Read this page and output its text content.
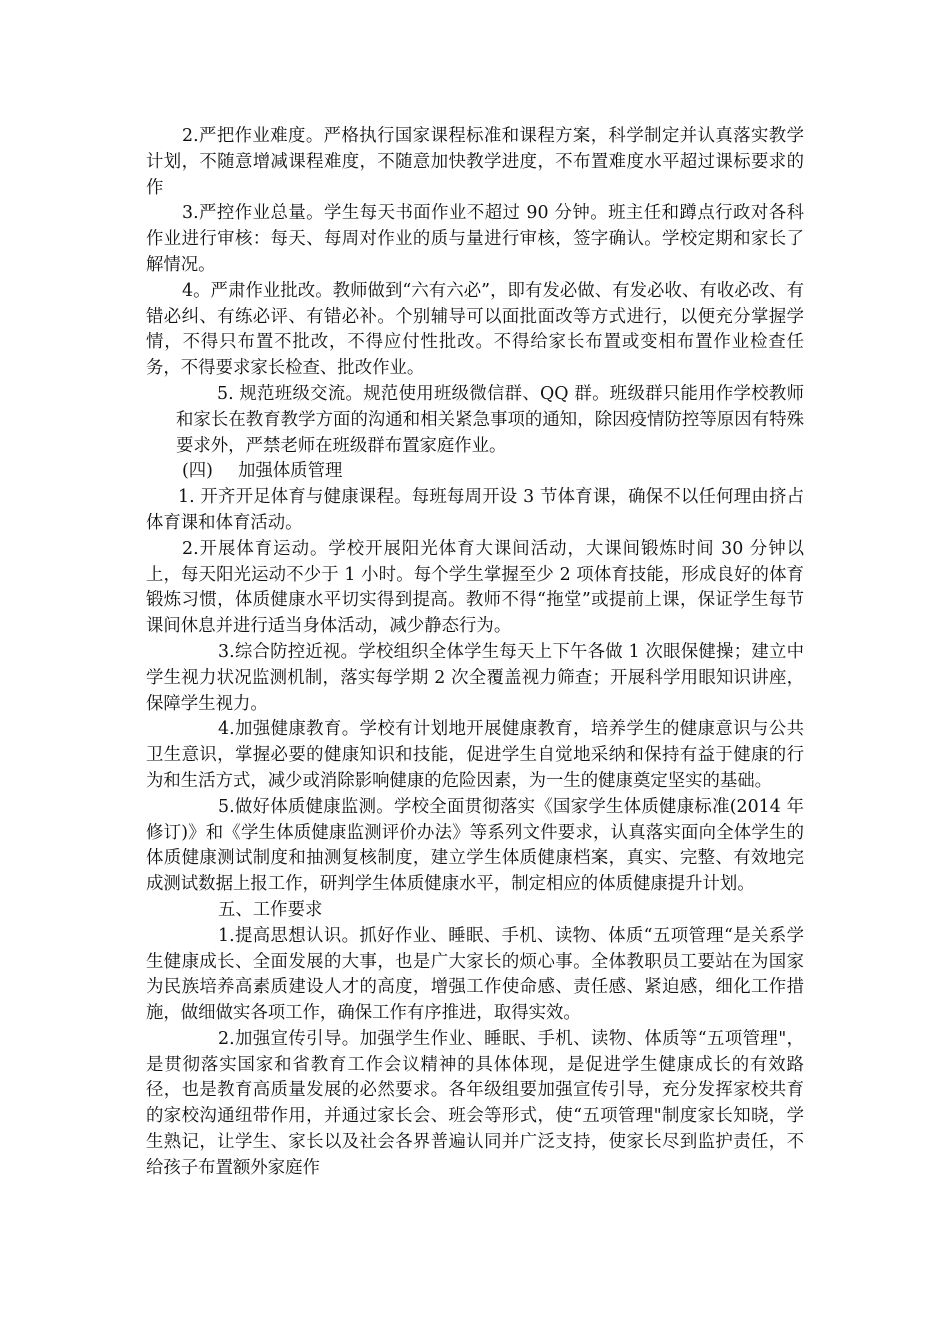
2.严把作业难度。严格执行国家课程标准和课程方案，科学制定并认真落实教学计划，不随意增减课程难度，不随意加快教学进度，不布置难度水平超过课标要求的作

3.严控作业总量。学生每天书面作业不超过 90 分钟。班主任和蹲点行政对各科作业进行审核：每天、每周对作业的质与量进行审核，签字确认。学校定期和家长了解情况。

4。严肃作业批改。教师做到“六有六必”，即有发必做、有发必收、有收必改、有错必纠、有练必评、有错必补。个别辅导可以面批面改等方式进行，以便充分掌握学情，不得只布置不批改，不得应付性批改。不得给家长布置或变相布置作业检查任务，不得要求家长检查、批改作业。

5. 规范班级交流。规范使用班级微信群、QQ 群。班级群只能用作学校教师和家长在教育教学方面的沟通和相关紧急事项的通知，除因疫情防控等原因有特殊要求外，严禁老师在班级群布置家庭作业。

(四) 加强体质管理

1. 开齐开足体育与健康课程。每班每周开设 3 节体育课，确保不以任何理由挤占体育课和体育活动。

2.开展体育运动。学校开展阳光体育大课间活动，大课间锻炼时间 30 分钟以上，每天阳光运动不少于 1 小时。每个学生掌握至少 2 项体育技能，形成良好的体育锻炼习惯，体质健康水平切实得到提高。教师不得“拖堂”或提前上课，保证学生每节课间休息并进行适当身体活动，减少静态行为。

3.综合防控近视。学校组织全体学生每天上下午各做 1 次眼保健操；建立中学生视力状况监测机制，落实每学期 2 次全覆盖视力筛查；开展科学用眼知识讲座，保障学生视力。

4.加强健康教育。学校有计划地开展健康教育，培养学生的健康意识与公共卫生意识，掌握必要的健康知识和技能，促进学生自觉地采纳和保持有益于健康的行为和生活方式，减少或消除影响健康的危险因素，为一生的健康奠定坚实的基础。

5.做好体质健康监测。学校全面贯彻落实《国家学生体质健康标准(2014 年修订)》和《学生体质健康监测评价办法》等系列文件要求，认真落实面向全体学生的体质健康测试制度和抽测复核制度，建立学生体质健康档案，真实、完整、有效地完成测试数据上报工作，研判学生体质健康水平，制定相应的体质健康提升计划。

五、工作要求

1.提高思想认识。抓好作业、睡眠、手机、读物、体质“五项管理“是关系学生健康成长、全面发展的大事，也是广大家长的烦心事。全体教职员工要站在为国家为民族培养高素质建设人才的高度，增强工作使命感、责任感、紧迫感，细化工作措施，做细做实各项工作，确保工作有序推进，取得实效。

2.加强宣传引导。加强学生作业、睡眠、手机、读物、体质等“五项管理"，是贯彻落实国家和省教育工作会议精神的具体体现，是促进学生健康成长的有效路径，也是教育高质量发展的必然要求。各年级组要加强宣传引导，充分发挥家校共育的家校沟通纽带作用，并通过家长会、班会等形式，使“五项管理"制度家长知晓，学生熟记，让学生、家长以及社会各界普遍认同并广泛支持，使家长尽到监护责任，不给孩子布置额外家庭作
